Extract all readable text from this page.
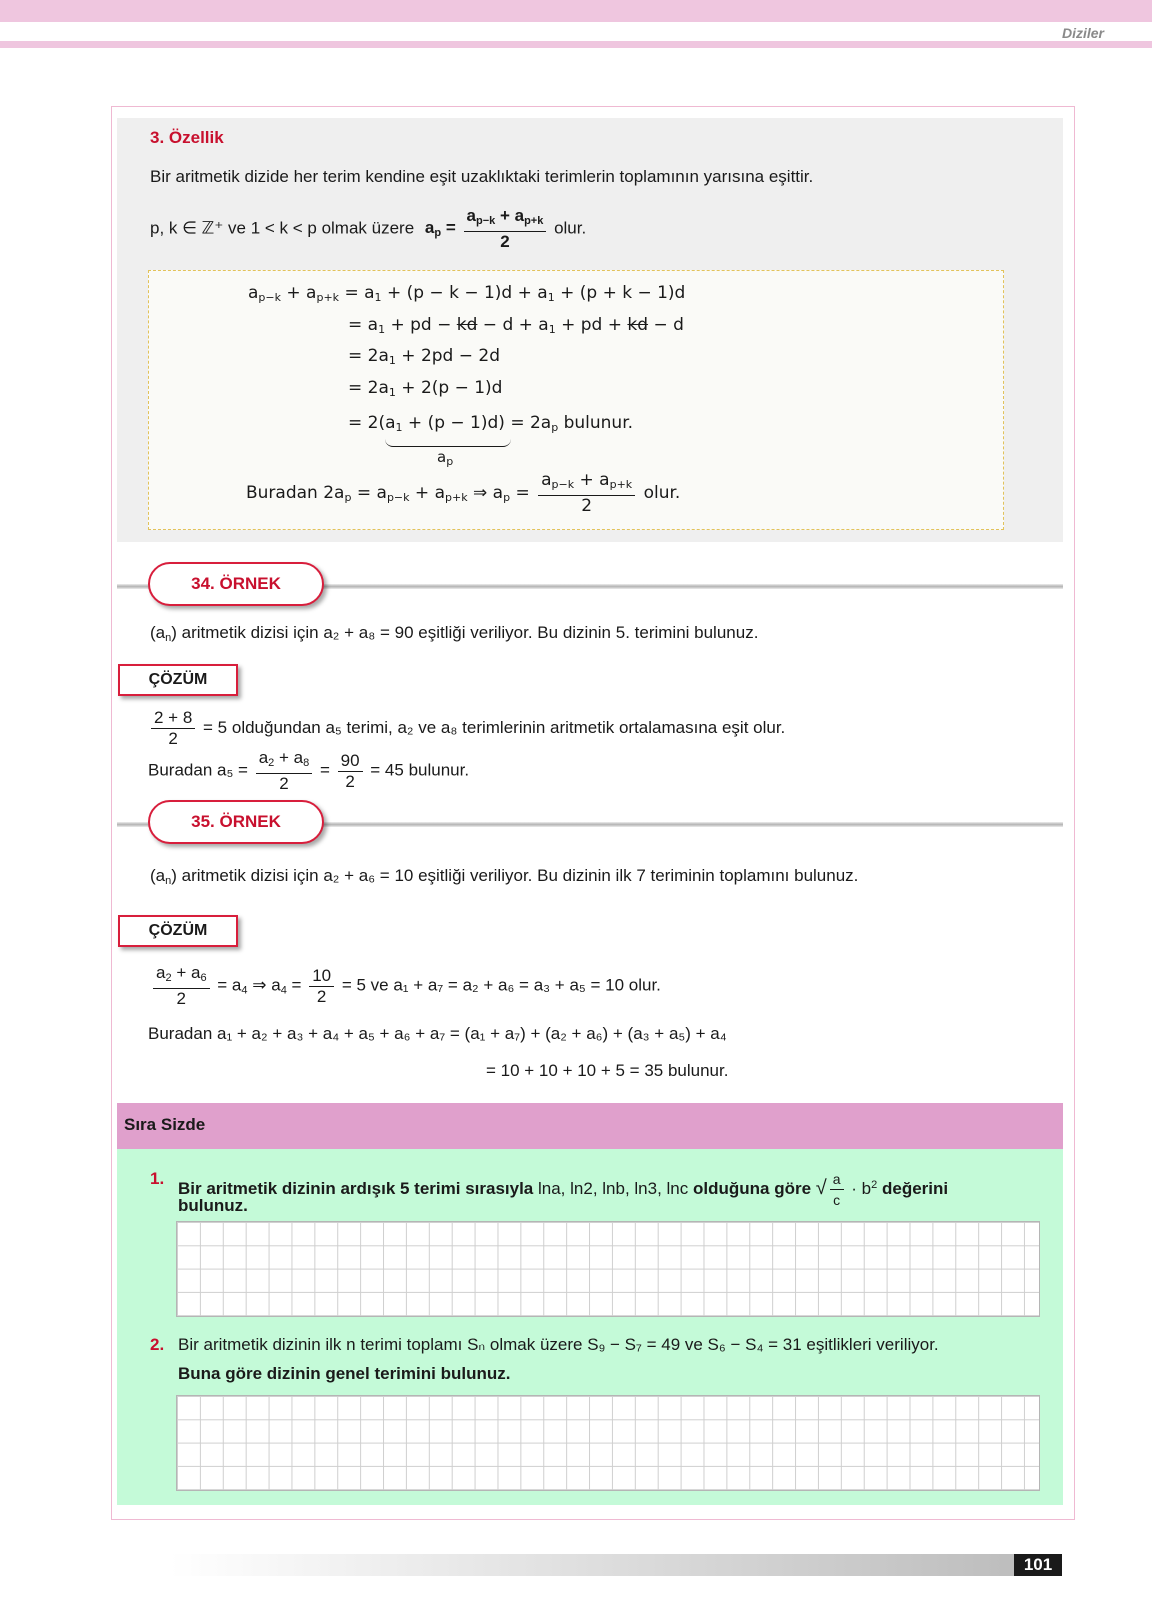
Diziler
3. Özellik
Bir aritmetik dizide her terim kendine eşit uzaklıktaki terimlerin toplamının yarısına eşittir.
p, k ∈ ℤ⁺ ve 1 < k < p olmak üzere $a_p = \frac{a_{p-k} + a_{p+k}}{2}$ olur.
$a_{p-k} + a_{p+k} = a_1 + (p - k - 1)d + a_1 + (p + k - 1)d$
= $a_1$ + pd − kd − $d + a_1$ + pd + kd − d
= $2a_1 + 2pd - 2d$
= $2a_1 + 2(p - 1)d$
= $2(a_1 + (p - 1)d) = 2a_p$ bulunur.
$a_p$
Buradan $2a_p = a_{p-k} + a_{p+k}$ ⇒ $a_p = \frac{a_{p-k} + a_{p+k}}{2}$ olur.
34. ÖRNEK
$(a_n)$ aritmetik dizisi için a₂ + a₈ = 90 eşitliği veriliyor. Bu dizinin 5. terimini bulunuz.
ÇÖZÜM
$\frac{2 + 8}{2} = 5$ olduğundan a₅ terimi, a₂ ve a₈ terimlerinin aritmetik ortalamasına eşit olur.
Buradan $a_5 = \frac{a_2 + a_8}{2} = \frac{90}{2} = 45$ bulunur.
35. ÖRNEK
$(a_n)$ aritmetik dizisi için a₂ + a₆ = 10 eşitliği veriliyor. Bu dizinin ilk 7 teriminin toplamını bulunuz.
ÇÖZÜM
$\frac{a_2 + a_6}{2} = a_4$ ⇒ $a_4 = \frac{10}{2} = 5$ ve a₁ + a₇ = a₂ + a₆ = a₃ + a₅ = 10 olur.
Buradan a₁ + a₂ + a₃ + a₄ + a₅ + a₆ + a₇ = (a₁ + a₇) + (a₂ + a₆) + (a₃ + a₅) + a₄
= 10 + 10 + 10 + 5 = 35 bulunur.
Sıra Sizde
1.
Bir aritmetik dizinin ardışık 5 terimi sırasıyla lna, ln2, lnb, ln3, lnc olduğuna göre √ $\frac{a}{c} \cdot b^2$ değerini
bulunuz.
2. Bir aritmetik dizinin ilk n terimi toplamı Sₙ olmak üzere S₉ − S₇ = 49 ve S₆ − S₄ = 31 eşitlikleri veriliyor.
Buna göre dizinin genel terimini bulunuz.
101
